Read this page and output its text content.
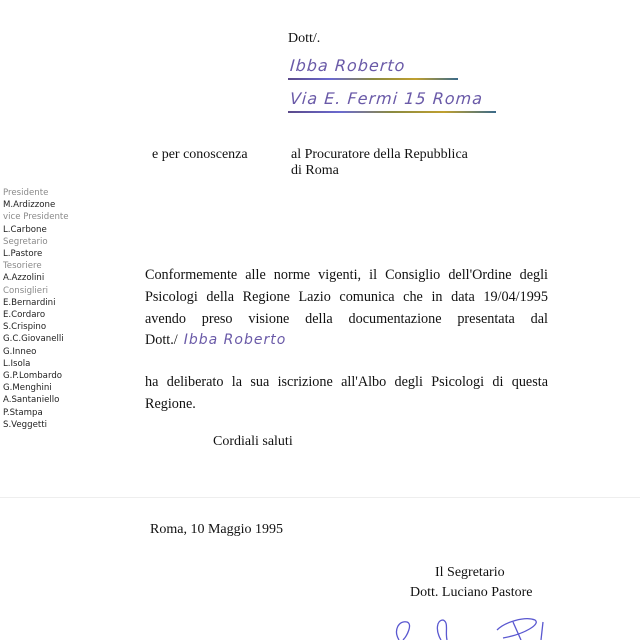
Dott/.
Ibba Roberto
Via E. Fermi 15 Roma
e per conoscenza	al Procuratore della Repubblica
di Roma
Presidente
M.Ardizzone
vice Presidente
L.Carbone
Segretario
L.Pastore
Tesoriere
A.Azzolini
Consiglieri
E.Bernardini
E.Cordaro
S.Crispino
G.C.Giovanelli
G.Inneo
L.Isola
G.P.Lombardo
G.Menghini
A.Santaniello
P.Stampa
S.Veggetti
Conformemente alle norme vigenti, il Consiglio dell'Ordine degli Psicologi della Regione Lazio comunica che in data 19/04/1995 avendo preso visione della documentazione presentata dal Dott./ Ibba Roberto
ha deliberato la sua iscrizione all'Albo degli Psicologi di questa Regione.
Cordiali saluti
Roma, 10 Maggio 1995
Il Segretario
Dott. Luciano Pastore
